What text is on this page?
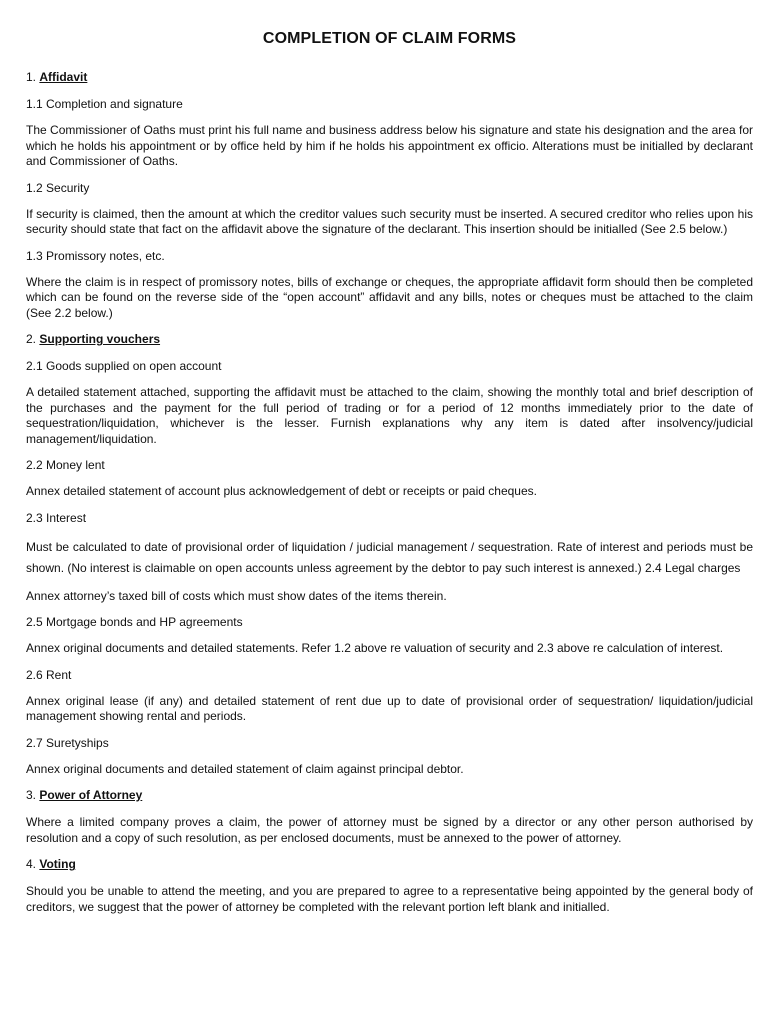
COMPLETION OF CLAIM FORMS
1. Affidavit
1.1 Completion and signature
The Commissioner of Oaths must print his full name and business address below his signature and state his designation and the area for which he holds his appointment or by office held by him if he holds his appointment ex officio. Alterations must be initialled by declarant and Commissioner of Oaths.
1.2 Security
If security is claimed, then the amount at which the creditor values such security must be inserted. A secured creditor who relies upon his security should state that fact on the affidavit above the signature of the declarant. This insertion should be initialled (See 2.5 below.)
1.3 Promissory notes, etc.
Where the claim is in respect of promissory notes, bills of exchange or cheques, the appropriate affidavit form should then be completed which can be found on the reverse side of the “open account” affidavit and any bills, notes or cheques must be attached to the claim (See 2.2 below.)
2. Supporting vouchers
2.1 Goods supplied on open account
A detailed statement attached, supporting the affidavit must be attached to the claim, showing the monthly total and brief description of the purchases and the payment for the full period of trading or for a period of 12 months immediately prior to the date of sequestration/liquidation, whichever is the lesser. Furnish explanations why any item is dated after insolvency/judicial management/liquidation.
2.2 Money lent
Annex detailed statement of account plus acknowledgement of debt or receipts or paid cheques.
2.3 Interest
Must be calculated to date of provisional order of liquidation / judicial management / sequestration. Rate of interest and periods must be shown. (No interest is claimable on open accounts unless agreement by the debtor to pay such interest is annexed.) 2.4 Legal charges
Annex attorney’s taxed bill of costs which must show dates of the items therein.
2.5 Mortgage bonds and HP agreements
Annex original documents and detailed statements. Refer 1.2 above re valuation of security and 2.3 above re calculation of interest.
2.6 Rent
Annex original lease (if any) and detailed statement of rent due up to date of provisional order of sequestration/ liquidation/judicial management showing rental and periods.
2.7 Suretyships
Annex original documents and detailed statement of claim against principal debtor.
3. Power of Attorney
Where a limited company proves a claim, the power of attorney must be signed by a director or any other person authorised by resolution and a copy of such resolution, as per enclosed documents, must be annexed to the power of attorney.
4. Voting
Should you be unable to attend the meeting, and you are prepared to agree to a representative being appointed by the general body of creditors, we suggest that the power of attorney be completed with the relevant portion left blank and initialled.
